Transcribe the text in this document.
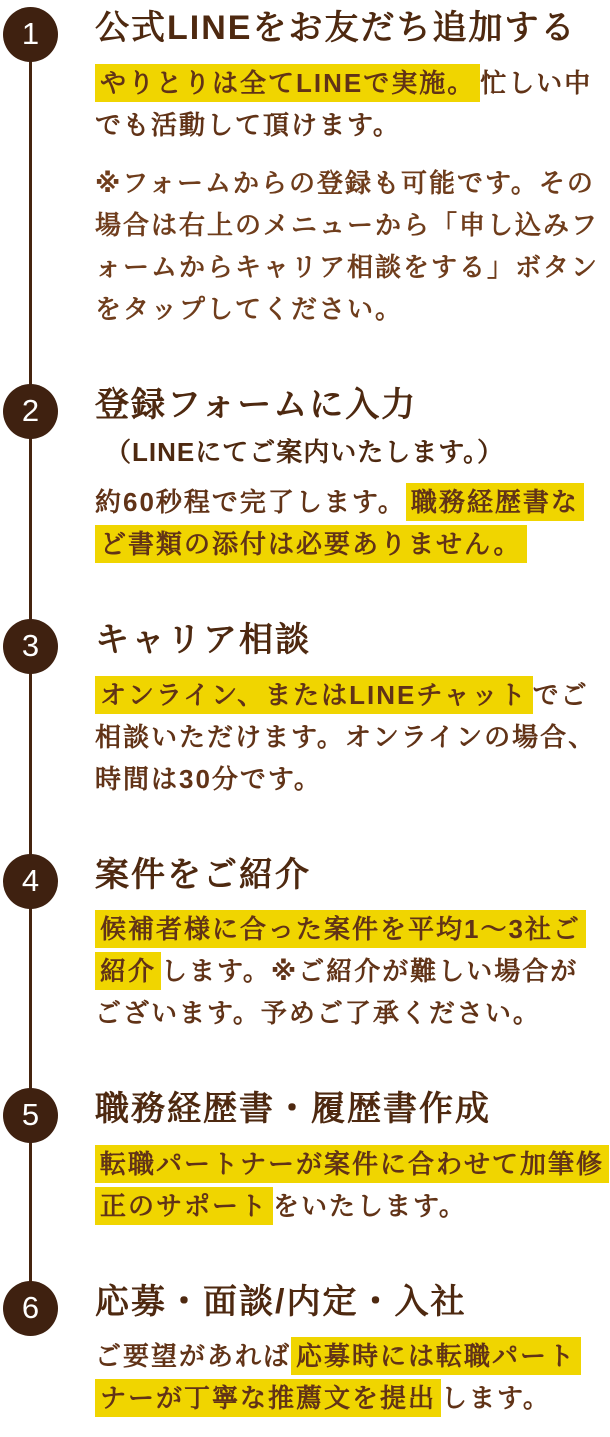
1 公式LINEをお友だち追加する

やりとりは全てLINEで実施。 忙しい中でも活動して頂けます。

※フォームからの登録も可能です。その場合は右上のメニューから「申し込みフォームからキャリア相談をする」ボタンをタップしてください。

2 登録フォームに入力
（LINEにてご案内いたします。）

約60秒程で完了します。 職務経歴書など書類の添付は必要ありません。

3 キャリア相談

オンライン、またはLINEチャット でご相談いただけます。オンラインの場合、時間は30分です。

4 案件をご紹介

候補者様に合った案件を平均1〜3社ご紹介 します。※ご紹介が難しい場合がございます。予めご了承ください。

5 職務経歴書・履歴書作成

転職パートナーが案件に合わせて加筆修正のサポート をいたします。

6 応募・面談/内定・入社

ご要望があれば 応募時には転職パートナーが丁寧な推薦文を提出 します。
